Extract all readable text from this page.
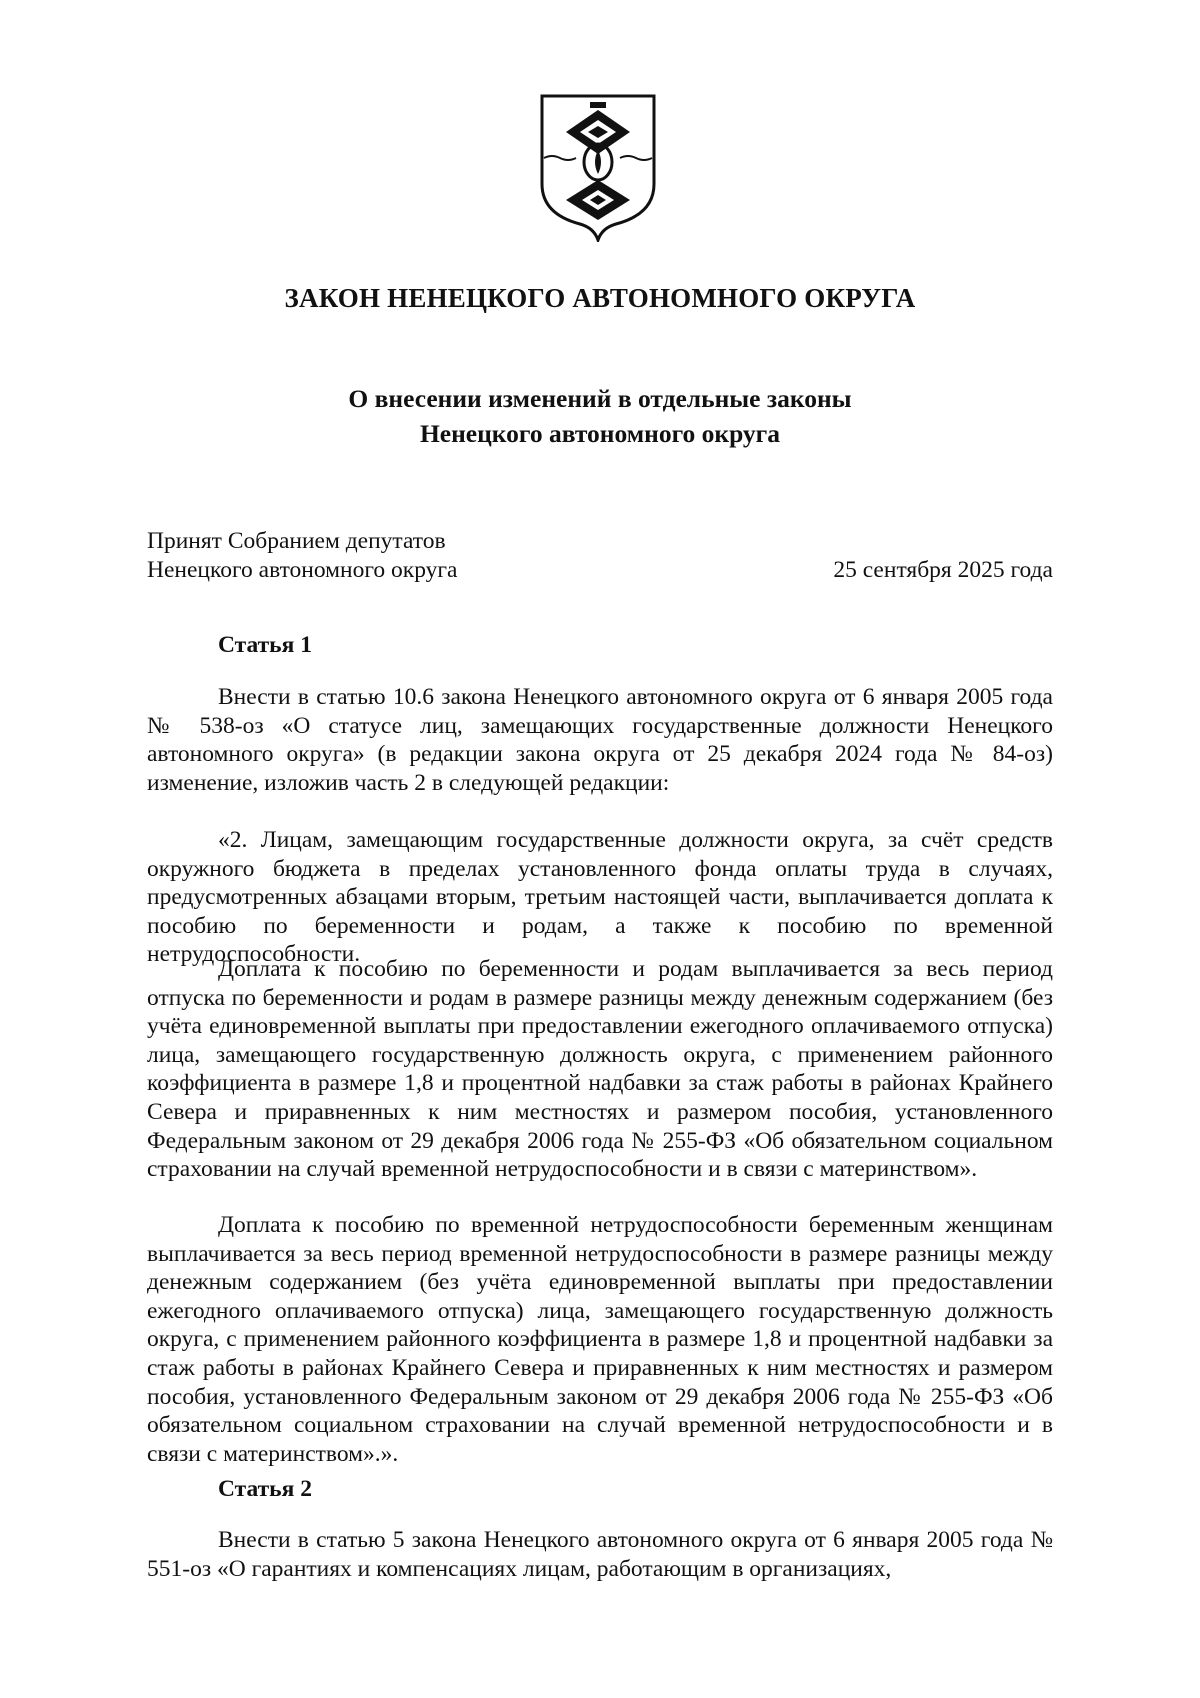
ЗАКОН НЕНЕЦКОГО АВТОНОМНОГО ОКРУГА
О внесении изменений в отдельные законы
Ненецкого автономного округа
Принят Собранием депутатов
Ненецкого автономного округа	25 сентября 2025 года
Статья 1

Внести в статью 10.6 закона Ненецкого автономного округа от 6 января 2005 года № 538-оз «О статусе лиц, замещающих государственные должности Ненецкого автономного округа» (в редакции закона округа от 25 декабря 2024 года № 84-оз) изменение, изложив часть 2 в следующей редакции:

«2. Лицам, замещающим государственные должности округа, за счёт средств окружного бюджета в пределах установленного фонда оплаты труда в случаях, предусмотренных абзацами вторым, третьим настоящей части, выплачивается доплата к пособию по беременности и родам, а также к пособию по временной нетрудоспособности.

Доплата к пособию по беременности и родам выплачивается за весь период отпуска по беременности и родам в размере разницы между денежным содержанием (без учёта единовременной выплаты при предоставлении ежегодного оплачиваемого отпуска) лица, замещающего государственную должность округа, с применением районного коэффициента в размере 1,8 и процентной надбавки за стаж работы в районах Крайнего Севера и приравненных к ним местностях и размером пособия, установленного Федеральным законом от 29 декабря 2006 года № 255-ФЗ «Об обязательном социальном страховании на случай временной нетрудоспособности и в связи с материнством».

Доплата к пособию по временной нетрудоспособности беременным женщинам выплачивается за весь период временной нетрудоспособности в размере разницы между денежным содержанием (без учёта единовременной выплаты при предоставлении ежегодного оплачиваемого отпуска) лица, замещающего государственную должность округа, с применением районного коэффициента в размере 1,8 и процентной надбавки за стаж работы в районах Крайнего Севера и приравненных к ним местностях и размером пособия, установленного Федеральным законом от 29 декабря 2006 года № 255-ФЗ «Об обязательном социальном страховании на случай временной нетрудоспособности и в связи с материнством».».

Статья 2

Внести в статью 5 закона Ненецкого автономного округа от 6 января 2005 года № 551-оз «О гарантиях и компенсациях лицам, работающим в организациях,
